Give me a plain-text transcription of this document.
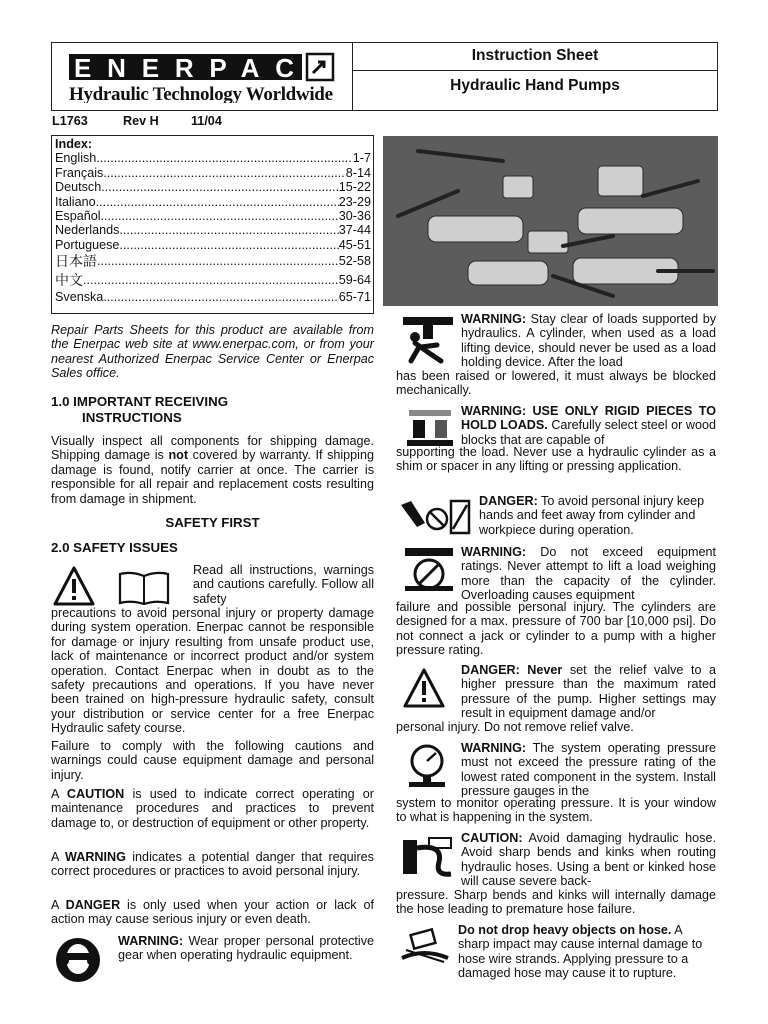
ENERPAC
Hydraulic Technology Worldwide
Instruction Sheet
Hydraulic Hand Pumps
L1763	Rev H	11/04
Index:
English .....	1-7
Français .....	8-14
Deutsch .....	15-22
Italiano .....	23-29
Español .....	30-36
Nederlands .....	37-44
Portuguese .....	45-51
日本語 .....	52-58
中文 .....	59-64
Svenska .....	65-71

Repair Parts Sheets for this product are available from the Enerpac web site at www.enerpac.com, or from your nearest Authorized Enerpac Service Center or Enerpac Sales office.

1.0 IMPORTANT RECEIVING
INSTRUCTIONS

Visually inspect all components for shipping damage. Shipping damage is not covered by warranty. If shipping damage is found, notify carrier at once. The carrier is responsible for all repair and replacement costs resulting from damage in shipment.

SAFETY FIRST
2.0 SAFETY ISSUES

Read all instructions, warnings and cautions carefully. Follow all safety

precautions to avoid personal injury or property damage during system operation. Enerpac cannot be responsible for damage or injury resulting from unsafe product use, lack of maintenance or incorrect product and/or system operation. Contact Enerpac when in doubt as to the safety precautions and operations. If you have never been trained on high-pressure hydraulic safety, consult your distribution or service center for a free Enerpac Hydraulic safety course.

Failure to comply with the following cautions and warnings could cause equipment damage and personal injury.

A CAUTION is used to indicate correct operating or maintenance procedures and practices to prevent damage to, or destruction of equipment or other property.

A WARNING indicates a potential danger that requires correct procedures or practices to avoid personal injury.

A DANGER is only used when your action or lack of action may cause serious injury or even death.

WARNING: Wear proper personal protective gear when operating hydraulic equipment.

WARNING: Stay clear of loads supported by hydraulics. A cylinder, when used as a load lifting device, should never be used as a load holding device. After the load

has been raised or lowered, it must always be blocked mechanically.

WARNING: USE ONLY RIGID PIECES TO HOLD LOADS. Carefully select steel or wood blocks that are capable of

supporting the load. Never use a hydraulic cylinder as a shim or spacer in any lifting or pressing application.

DANGER: To avoid personal injury keep hands and feet away from cylinder and workpiece during operation.

WARNING: Do not exceed equipment ratings. Never attempt to lift a load weighing more than the capacity of the cylinder. Overloading causes equipment

failure and possible personal injury. The cylinders are designed for a max. pressure of 700 bar [10,000 psi]. Do not connect a jack or cylinder to a pump with a higher pressure rating.

DANGER: Never set the relief valve to a higher pressure than the maximum rated pressure of the pump. Higher settings may result in equipment damage and/or

personal injury. Do not remove relief valve.

WARNING: The system operating pressure must not exceed the pressure rating of the lowest rated component in the system. Install pressure gauges in the

system to monitor operating pressure. It is your window to what is happening in the system.

CAUTION: Avoid damaging hydraulic hose. Avoid sharp bends and kinks when routing hydraulic hoses. Using a bent or kinked hose will cause severe back-

pressure. Sharp bends and kinks will internally damage the hose leading to premature hose failure.

Do not drop heavy objects on hose. A sharp impact may cause internal damage to hose wire strands. Applying pressure to a damaged hose may cause it to rupture.
